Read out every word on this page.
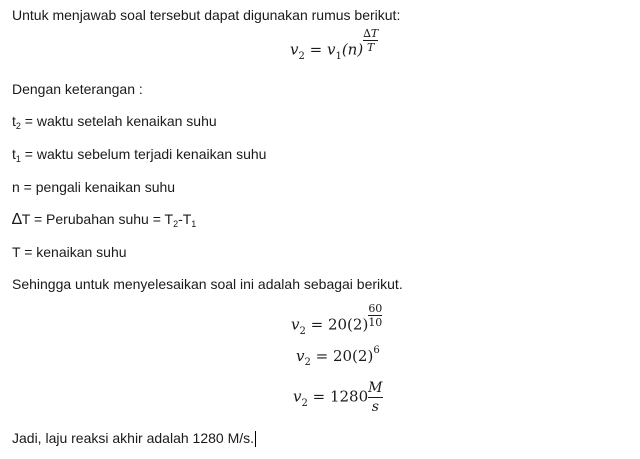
Untuk menjawab soal tersebut dapat digunakan rumus berikut:
$v_2 = v_1(n) \frac{\Delta T}{T}$
Dengan keterangan :
$t_2$ = waktu setelah kenaikan suhu
$t_1$ = waktu sebelum terjadi kenaikan suhu
n = pengali kenaikan suhu
∆T = Perubahan suhu = $T_2-T_1$
T = kenaikan suhu
Sehingga untuk menyelesaikan soal ini adalah sebagai berikut.
$v_2 = 20(2) \frac{60}{10}$
$v_2 = 20(2)^6$
$v_2 = 1280 \frac{M}{s}$
Jadi, laju reaksi akhir adalah 1280 M/s.
